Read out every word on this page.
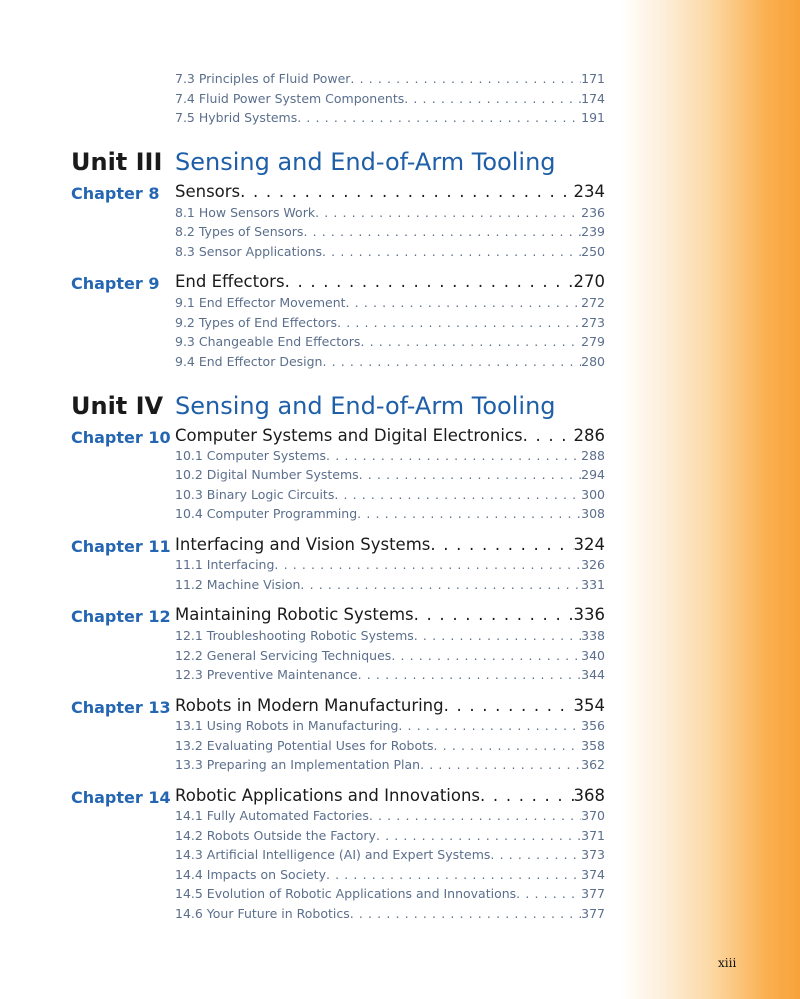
7.3 Principles of Fluid Power . . .	171
7.4 Fluid Power System Components . . .	174
7.5 Hybrid Systems . . .	191
Unit III Sensing and End-of-Arm Tooling
Chapter 8 Sensors . . .	234
8.1 How Sensors Work . . .	236
8.2 Types of Sensors . . .	239
8.3 Sensor Applications . . .	250
Chapter 9 End Effectors . . .	270
9.1 End Effector Movement . . .	272
9.2 Types of End Effectors . . .	273
9.3 Changeable End Effectors . . .	279
9.4 End Effector Design . . .	280
Unit IV Sensing and End-of-Arm Tooling
Chapter 10 Computer Systems and Digital Electronics . . .	286
10.1 Computer Systems . . .	288
10.2 Digital Number Systems . . .	294
10.3 Binary Logic Circuits . . .	300
10.4 Computer Programming . . .	308
Chapter 11 Interfacing and Vision Systems . . .	324
11.1 Interfacing . . .	326
11.2 Machine Vision . . .	331
Chapter 12 Maintaining Robotic Systems . . .	336
12.1 Troubleshooting Robotic Systems . . .	338
12.2 General Servicing Techniques . . .	340
12.3 Preventive Maintenance . . .	344
Chapter 13 Robots in Modern Manufacturing . . .	354
13.1 Using Robots in Manufacturing . . .	356
13.2 Evaluating Potential Uses for Robots . . .	358
13.3 Preparing an Implementation Plan . . .	362
Chapter 14 Robotic Applications and Innovations . . .	368
14.1 Fully Automated Factories . . .	370
14.2 Robots Outside the Factory . . .	371
14.3 Artificial Intelligence (AI) and Expert Systems . . .	373
14.4 Impacts on Society . . .	374
14.5 Evolution of Robotic Applications and Innovations . . .	377
14.6 Your Future in Robotics . . .	377
xiii
